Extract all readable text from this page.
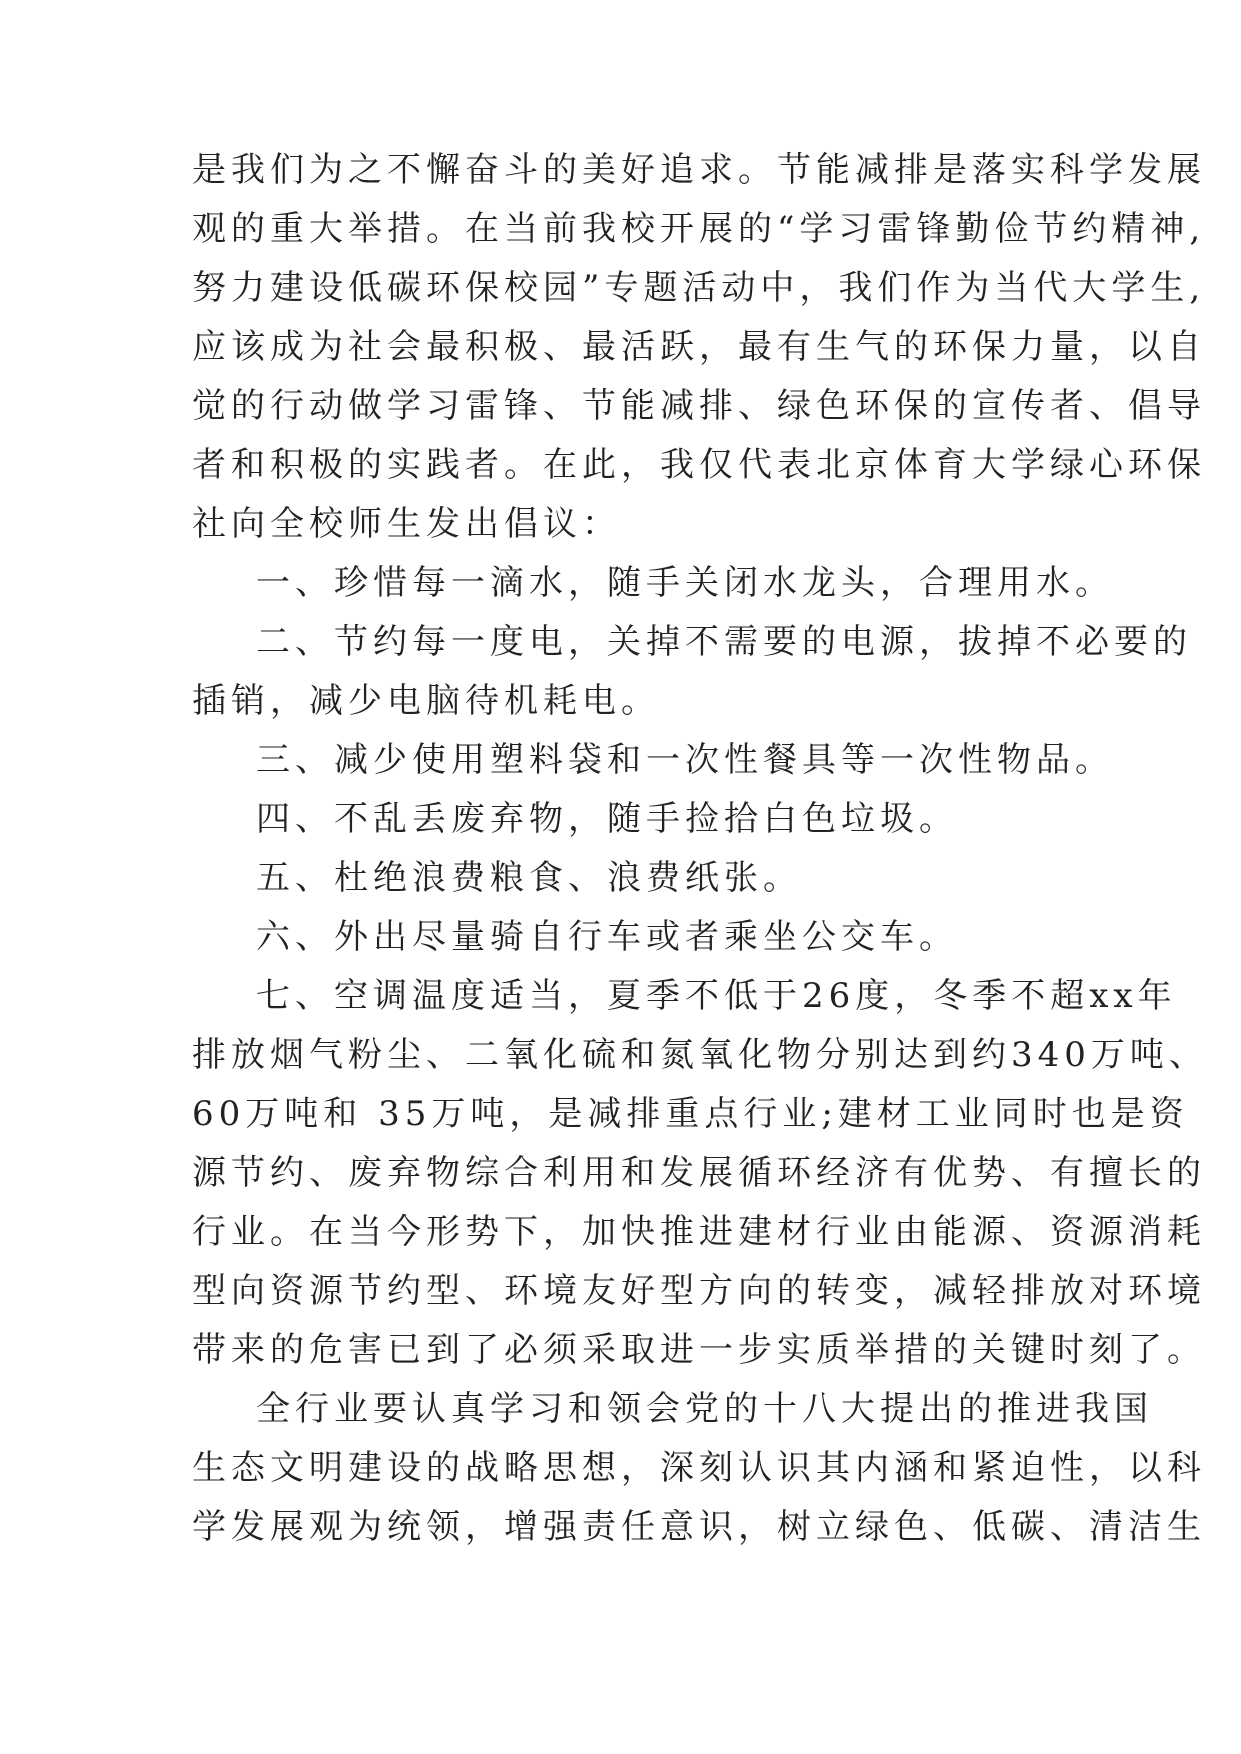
是我们为之不懈奋斗的美好追求。节能减排是落实科学发展
观的重大举措。在当前我校开展的“学习雷锋勤俭节约精神,
努力建设低碳环保校园”专题活动中，我们作为当代大学生,
应该成为社会最积极、最活跃，最有生气的环保力量，以自
觉的行动做学习雷锋、节能减排、绿色环保的宣传者、倡导
者和积极的实践者。在此，我仅代表北京体育大学绿心环保
社向全校师生发出倡议：
一、珍惜每一滴水，随手关闭水龙头，合理用水。
二、节约每一度电，关掉不需要的电源，拔掉不必要的
插销，减少电脑待机耗电。
三、减少使用塑料袋和一次性餐具等一次性物品。
四、不乱丢废弃物，随手捡拾白色垃圾。
五、杜绝浪费粮食、浪费纸张。
六、外出尽量骑自行车或者乘坐公交车。
七、空调温度适当，夏季不低于26度，冬季不超xx年
排放烟气粉尘、二氧化硫和氮氧化物分别达到约340万吨、
60万吨和 35万吨，是减排重点行业;建材工业同时也是资
源节约、废弃物综合利用和发展循环经济有优势、有擅长的
行业。在当今形势下，加快推进建材行业由能源、资源消耗
型向资源节约型、环境友好型方向的转变，减轻排放对环境
带来的危害已到了必须采取进一步实质举措的关键时刻了。
全行业要认真学习和领会党的十八大提出的推进我国
生态文明建设的战略思想，深刻认识其内涵和紧迫性，以科
学发展观为统领，增强责任意识，树立绿色、低碳、清洁生
